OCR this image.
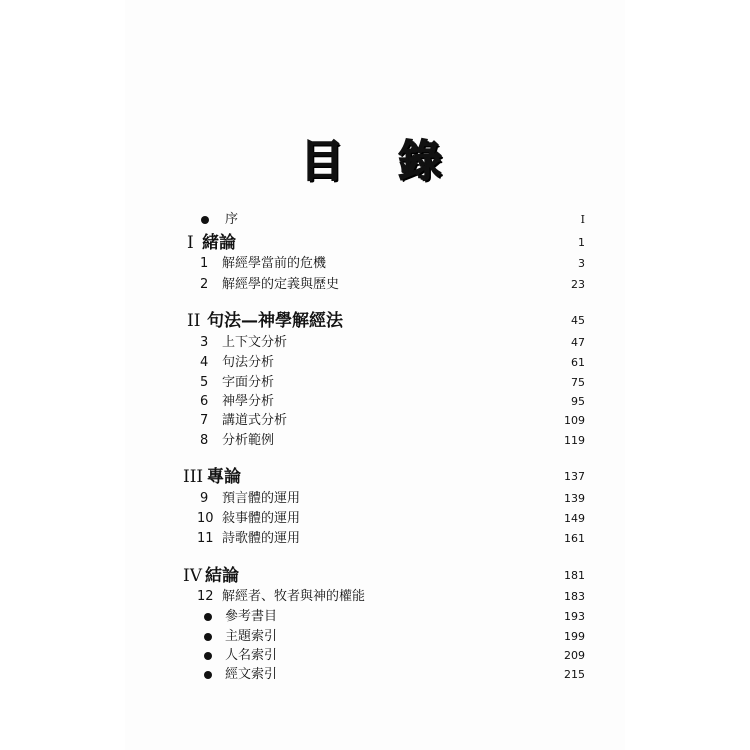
目 錄
序	I
I 緒論	1
1	解經學當前的危機	3
2	解經學的定義與歷史	23
II 句法—神學解經法	45
3	上下文分析	47
4	句法分析	61
5	字面分析	75
6	神學分析	95
7	講道式分析	109
8	分析範例	119
III 專論	137
9	預言體的運用	139
10 敍事體的運用	149
11 詩歌體的運用	161
IV 結論	181
12 解經者、牧者與神的權能	183
參考書目	193
主題索引	199
人名索引	209
經文索引	215
